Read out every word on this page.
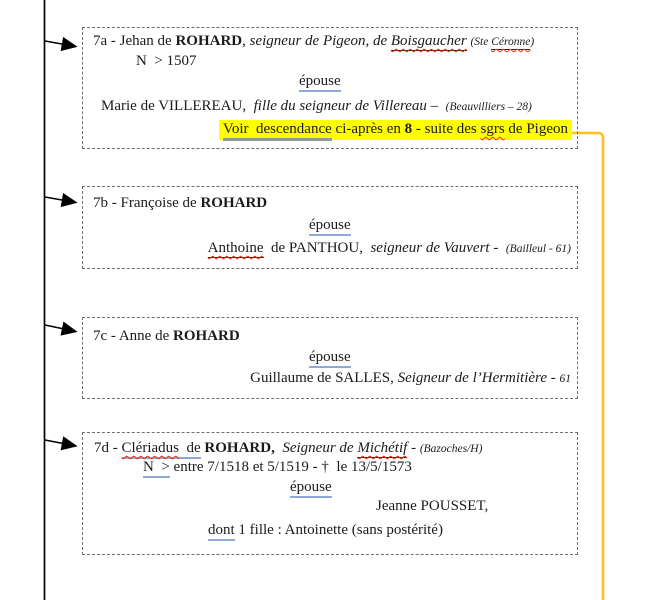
7a - Jehan de ROHARD, seigneur de Pigeon, de Boisgaucher (Ste Céronne)
N  > 1507
épouse
Marie de VILLEREAU,  fille du seigneur de Villereau –  (Beauvilliers – 28)
Voir  descendance ci-après en 8 - suite des sgrs de Pigeon
7b - Françoise de ROHARD
épouse
Anthoine  de PANTHOU,  seigneur de Vauvert -  (Bailleul - 61)
7c - Anne de ROHARD
épouse
Guillaume de SALLES, Seigneur de l’Hermitière - 61
7d - Clériadus  de ROHARD, Seigneur de Michétif - (Bazoches/H)
N  > entre 7/1518 et 5/1519 - †  le 13/5/1573
épouse
Jeanne POUSSET,
dont 1 fille : Antoinette (sans postérité)
